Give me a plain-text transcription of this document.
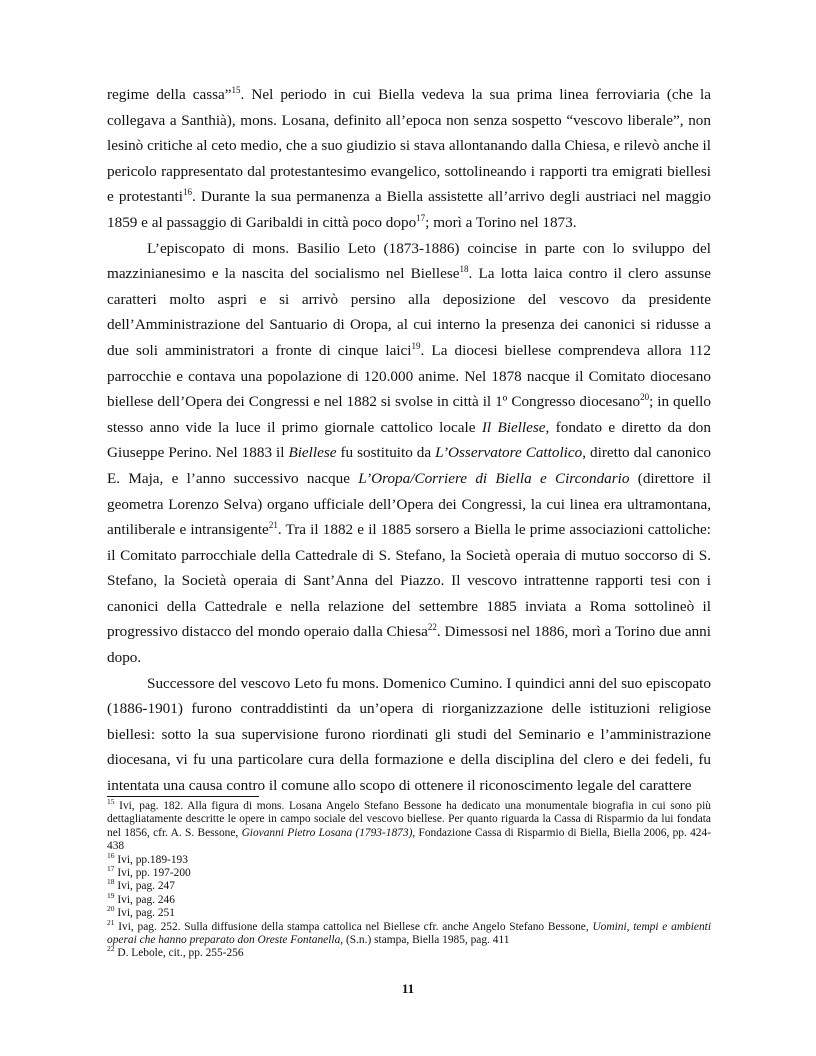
regime della cassa”$^{15}$. Nel periodo in cui Biella vedeva la sua prima linea ferroviaria (che la collegava a Santhià), mons. Losana, definito all’epoca non senza sospetto “vescovo liberale”, non lesinò critiche al ceto medio, che a suo giudizio si stava allontanando dalla Chiesa, e rilevò anche il pericolo rappresentato dal protestantesimo evangelico, sottolineando i rapporti tra emigrati biellesi e protestanti$^{16}$. Durante la sua permanenza a Biella assistette all’arrivo degli austriaci nel maggio 1859 e al passaggio di Garibaldi in città poco dopo$^{17}$; morì a Torino nel 1873.

L’episcopato di mons. Basilio Leto (1873-1886) coincise in parte con lo sviluppo del mazzinianesimo e la nascita del socialismo nel Biellese$^{18}$. La lotta laica contro il clero assunse caratteri molto aspri e si arrivò persino alla deposizione del vescovo da presidente dell’Amministrazione del Santuario di Oropa, al cui interno la presenza dei canonici si ridusse a due soli amministratori a fronte di cinque laici$^{19}$. La diocesi biellese comprendeva allora 112 parrocchie e contava una popolazione di 120.000 anime. Nel 1878 nacque il Comitato diocesano biellese dell’Opera dei Congressi e nel 1882 si svolse in città il 1º Congresso diocesano$^{20}$; in quello stesso anno vide la luce il primo giornale cattolico locale Il Biellese, fondato e diretto da don Giuseppe Perino. Nel 1883 il Biellese fu sostituito da L’Osservatore Cattolico, diretto dal canonico E. Maja, e l’anno successivo nacque L’Oropa/Corriere di Biella e Circondario (direttore il geometra Lorenzo Selva) organo ufficiale dell’Opera dei Congressi, la cui linea era ultramontana, antiliberale e intransigente$^{21}$. Tra il 1882 e il 1885 sorsero a Biella le prime associazioni cattoliche: il Comitato parrocchiale della Cattedrale di S. Stefano, la Società operaia di mutuo soccorso di S. Stefano, la Società operaia di Sant’Anna del Piazzo. Il vescovo intrattenne rapporti tesi con i canonici della Cattedrale e nella relazione del settembre 1885 inviata a Roma sottolineò il progressivo distacco del mondo operaio dalla Chiesa$^{22}$. Dimessosi nel 1886, morì a Torino due anni dopo.

Successore del vescovo Leto fu mons. Domenico Cumino. I quindici anni del suo episcopato (1886-1901) furono contraddistinti da un’opera di riorganizzazione delle istituzioni religiose biellesi: sotto la sua supervisione furono riordinati gli studi del Seminario e l’amministrazione diocesana, vi fu una particolare cura della formazione e della disciplina del clero e dei fedeli, fu intentata una causa contro il comune allo scopo di ottenere il riconoscimento legale del carattere

$^{15}$ Ivi, pag. 182. Alla figura di mons. Losana Angelo Stefano Bessone ha dedicato una monumentale biografia in cui sono più dettagliatamente descritte le opere in campo sociale del vescovo biellese. Per quanto riguarda la Cassa di Risparmio da lui fondata nel 1856, cfr. A. S. Bessone, Giovanni Pietro Losana (1793-1873), Fondazione Cassa di Risparmio di Biella, Biella 2006, pp. 424-438
$^{16}$ Ivi, pp.189-193
$^{17}$ Ivi, pp. 197-200
$^{18}$ Ivi, pag. 247
$^{19}$ Ivi, pag. 246
$^{20}$ Ivi, pag. 251
$^{21}$ Ivi, pag. 252. Sulla diffusione della stampa cattolica nel Biellese cfr. anche Angelo Stefano Bessone, Uomini, tempi e ambienti operai che hanno preparato don Oreste Fontanella, (S.n.) stampa, Biella 1985, pag. 411
$^{22}$ D. Lebole, cit., pp. 255-256
11
